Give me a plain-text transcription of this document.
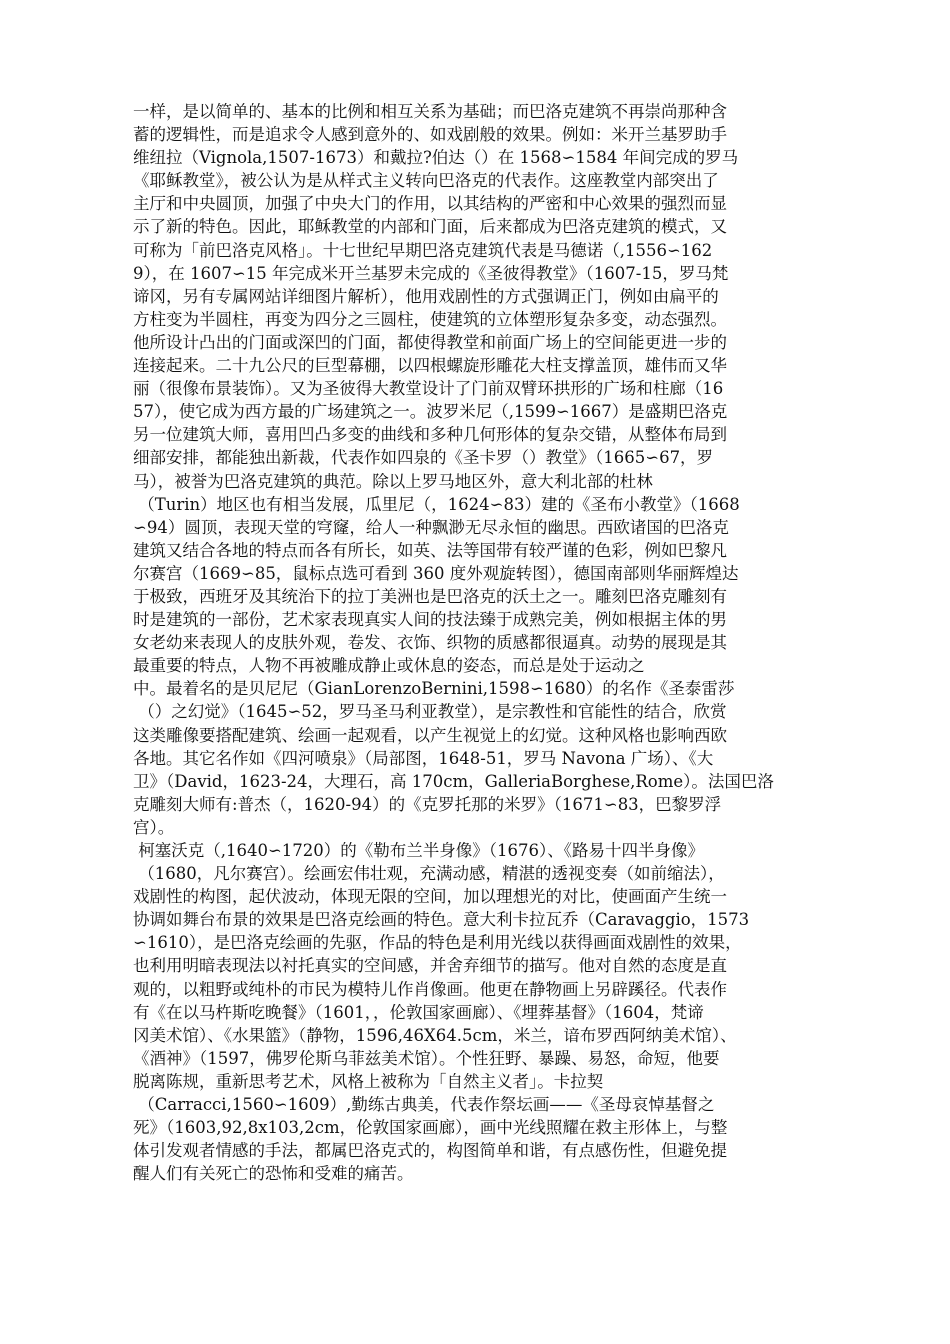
一样，是以简单的、基本的比例和相互关系为基础；而巴洛克建筑不再崇尚那种含
蓄的逻辑性，而是追求令人感到意外的、如戏剧般的效果。例如：米开兰基罗助手
维纽拉（Vignola,1507-1673）和戴拉?伯达（）在 1568∽1584 年间完成的罗马
《耶稣教堂》，被公认为是从样式主义转向巴洛克的代表作。这座教堂内部突出了
主厅和中央圆顶，加强了中央大门的作用，以其结构的严密和中心效果的强烈而显
示了新的特色。因此，耶稣教堂的内部和门面，后来都成为巴洛克建筑的模式，又
可称为「前巴洛克风格」。十七世纪早期巴洛克建筑代表是马德诺（,1556∽162
9），在 1607∽15 年完成米开兰基罗未完成的《圣彼得教堂》（1607-15，罗马梵
谛冈，另有专属网站详细图片解析），他用戏剧性的方式强调正门，例如由扁平的
方柱变为半圆柱，再变为四分之三圆柱，使建筑的立体塑形复杂多变，动态强烈。
他所设计凸出的门面或深凹的门面，都使得教堂和前面广场上的空间能更进一步的
连接起来。二十九公尺的巨型幕棚，以四根螺旋形雕花大柱支撑盖顶，雄伟而又华
丽（很像布景装饰）。又为圣彼得大教堂设计了门前双臂环拱形的广场和柱廊（16
57），使它成为西方最的广场建筑之一。波罗米尼（,1599∽1667）是盛期巴洛克
另一位建筑大师，喜用凹凸多变的曲线和多种几何形体的复杂交错，从整体布局到
细部安排，都能独出新裁，代表作如四泉的《圣卡罗（）教堂》（1665∽67，罗
马），被誉为巴洛克建筑的典范。除以上罗马地区外，意大利北部的杜林
（Turin）地区也有相当发展，瓜里尼（，1624∽83）建的《圣布小教堂》（1668
∽94）圆顶，表现天堂的穹窿，给人一种飘渺无尽永恒的幽思。西欧诸国的巴洛克
建筑又结合各地的特点而各有所长，如英、法等国带有较严谨的色彩，例如巴黎凡
尔赛宫（1669∽85，鼠标点选可看到 360 度外观旋转图），德国南部则华丽辉煌达
于极致，西班牙及其统治下的拉丁美洲也是巴洛克的沃土之一。雕刻巴洛克雕刻有
时是建筑的一部份，艺术家表现真实人间的技法臻于成熟完美，例如根据主体的男
女老幼来表现人的皮肤外观，卷发、衣饰、织物的质感都很逼真。动势的展现是其
最重要的特点，人物不再被雕成静止或休息的姿态，而总是处于运动之
中。最着名的是贝尼尼（GianLorenzoBernini,1598∽1680）的名作《圣泰雷莎
（）之幻觉》（1645∽52，罗马圣马利亚教堂），是宗教性和官能性的结合，欣赏
这类雕像要搭配建筑、绘画一起观看，以产生视觉上的幻觉。这种风格也影响西欧
各地。其它名作如《四河喷泉》（局部图，1648-51，罗马 Navona 广场）、《大
卫》（David，1623-24，大理石，高 170cm，GalleriaBorghese,Rome）。法国巴洛
克雕刻大师有:普杰（，1620-94）的《克罗托那的米罗》（1671∽83，巴黎罗浮
宫）。
柯塞沃克（,1640∽1720）的《勒布兰半身像》（1676）、《路易十四半身像》
（1680，凡尔赛宫）。绘画宏伟壮观，充满动感，精湛的透视变奏（如前缩法），
戏剧性的构图，起伏波动，体现无限的空间，加以理想光的对比，使画面产生统一
协调如舞台布景的效果是巴洛克绘画的特色。意大利卡拉瓦乔（Caravaggio，1573
∽1610），是巴洛克绘画的先驱，作品的特色是利用光线以获得画面戏剧性的效果，
也利用明暗表现法以衬托真实的空间感，并舍弃细节的描写。他对自然的态度是直
观的，以粗野或纯朴的市民为模特儿作肖像画。他更在静物画上另辟蹊径。代表作
有《在以马杵斯吃晚餐》（1601，，伦敦国家画廊）、《埋葬基督》（1604，梵谛
冈美术馆）、《水果篮》（静物，1596,46X64.5cm，米兰，谙布罗西阿纳美术馆）、
《酒神》（1597，佛罗伦斯乌菲兹美术馆）。个性狂野、暴躁、易怒，命短，他要
脱离陈规，重新思考艺术，风格上被称为「自然主义者」。卡拉契
（Carracci,1560∽1609）,勤练古典美，代表作祭坛画——《圣母哀悼基督之
死》（1603,92,8x103,2cm，伦敦国家画廊），画中光线照耀在救主形体上，与整
体引发观者情感的手法，都属巴洛克式的，构图简单和谐，有点感伤性，但避免提
醒人们有关死亡的恐怖和受难的痛苦。
